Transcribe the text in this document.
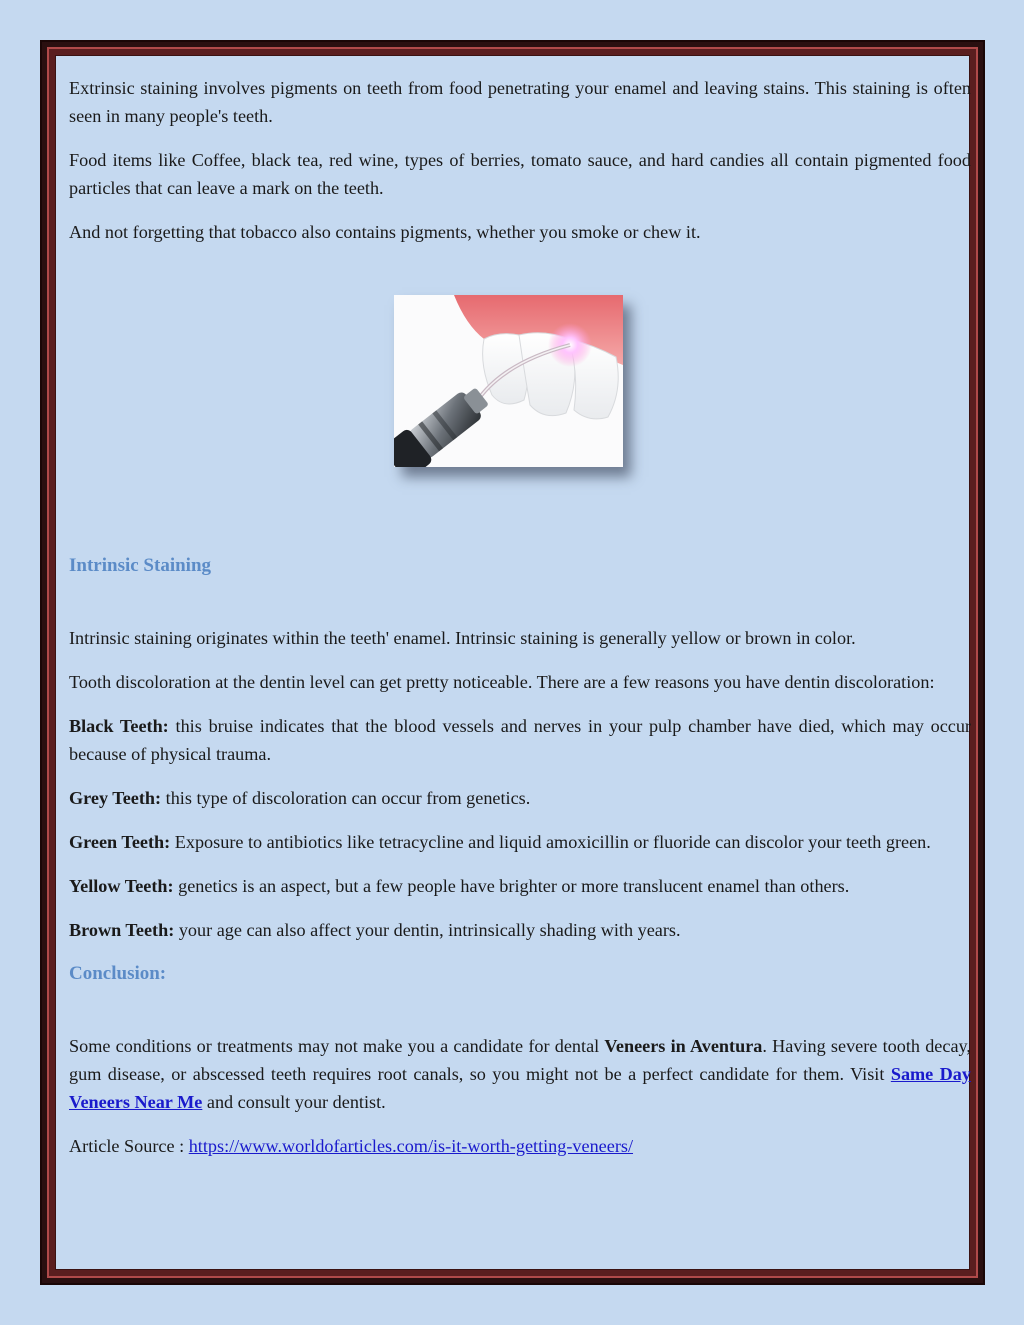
Extrinsic staining involves pigments on teeth from food penetrating your enamel and leaving stains. This staining is often seen in many people's teeth.

Food items like Coffee, black tea, red wine, types of berries, tomato sauce, and hard candies all contain pigmented food particles that can leave a mark on the teeth.

And not forgetting that tobacco also contains pigments, whether you smoke or chew it.

Intrinsic Staining

Intrinsic staining originates within the teeth' enamel. Intrinsic staining is generally yellow or brown in color.

Tooth discoloration at the dentin level can get pretty noticeable. There are a few reasons you have dentin discoloration:

Black Teeth: this bruise indicates that the blood vessels and nerves in your pulp chamber have died, which may occur because of physical trauma.

Grey Teeth: this type of discoloration can occur from genetics.

Green Teeth: Exposure to antibiotics like tetracycline and liquid amoxicillin or fluoride can discolor your teeth green.

Yellow Teeth: genetics is an aspect, but a few people have brighter or more translucent enamel than others.

Brown Teeth: your age can also affect your dentin, intrinsically shading with years.

Conclusion:

Some conditions or treatments may not make you a candidate for dental Veneers in Aventura. Having severe tooth decay, gum disease, or abscessed teeth requires root canals, so you might not be a perfect candidate for them. Visit Same Day Veneers Near Me and consult your dentist.

Article Source : https://www.worldofarticles.com/is-it-worth-getting-veneers/
